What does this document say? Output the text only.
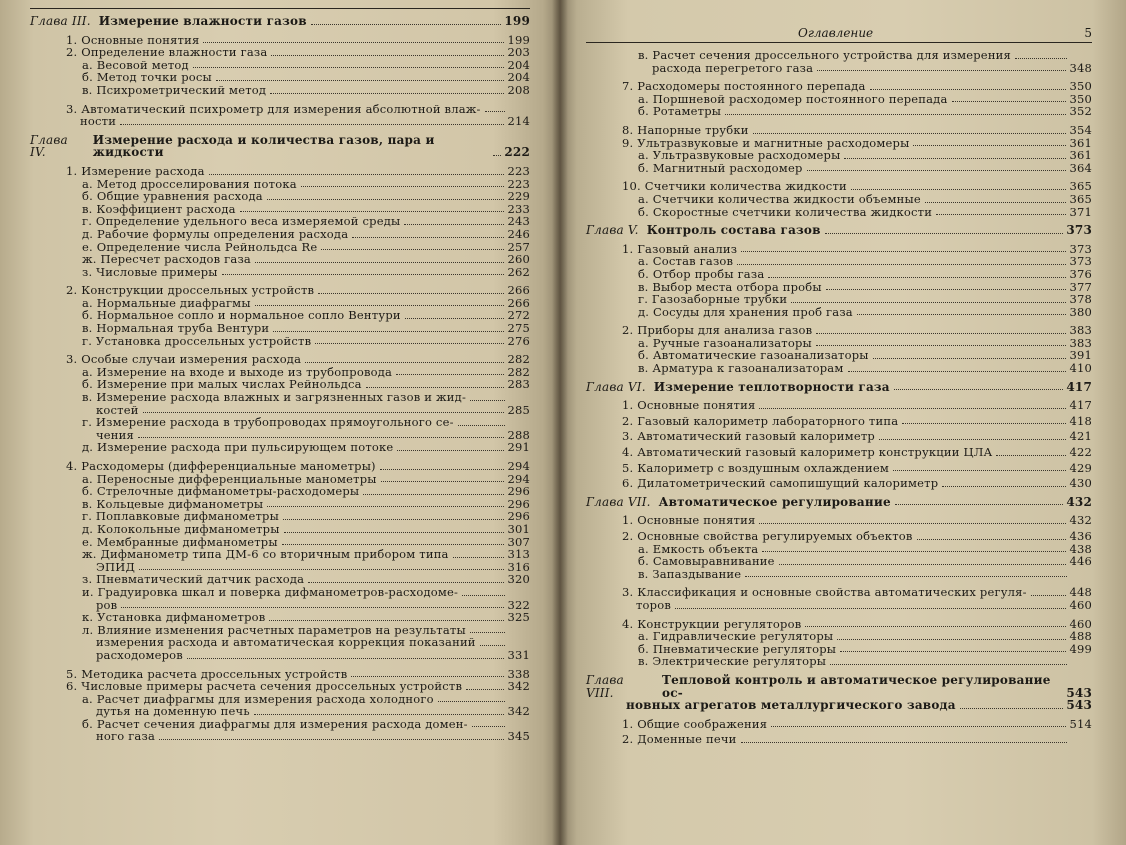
Глава III. Измерение влажности газов	199
1. Основные понятия	199
2. Определение влажности газа	203
а. Весовой метод	204
б. Метод точки росы	204
в. Психрометрический метод	208
3. Автоматический психрометр для измерения абсолютной влаж-
ности	214
Глава IV.
Измерение расхода и количества газов, пара и жидкости	222
1. Измерение расхода	223
а. Метод дросселирования потока	223
б. Общие уравнения расхода	229
в. Коэффициент расхода	233
г. Определение удельного веса измеряемой среды	243
д. Рабочие формулы определения расхода	246
е. Определение числа Рейнольдса Re	257
ж. Пересчет расходов газа	260
з. Числовые примеры	262
2. Конструкции дроссельных устройств	266
а. Нормальные диафрагмы	266
б. Нормальное сопло и нормальное сопло Вентури	272
в. Нормальная труба Вентури	275
г. Установка дроссельных устройств	276
3. Особые случаи измерения расхода	282
а. Измерение на входе и выходе из трубопровода	282
б. Измерение при малых числах Рейнольдса	283
в. Измерение расхода влажных и загрязненных газов и жид-
костей	285
г. Измерение расхода в трубопроводах прямоугольного се-
чения	288
д. Измерение расхода при пульсирующем потоке	291
4. Расходомеры (дифференциальные манометры)	294
а. Переносные дифференциальные манометры	294
б. Стрелочные дифманометры-расходомеры	296
в. Кольцевые дифманометры	296
г. Поплавковые дифманометры	296
д. Колокольные дифманометры	301
е. Мембранные дифманометры	307
ж. Дифманометр типа ДМ-6 со вторичным прибором типа	313
ЭПИД	316
з. Пневматический датчик расхода	320
и. Градуировка шкал и поверка дифманометров-расходоме-
ров	322
к. Установка дифманометров	325
л. Влияние изменения расчетных параметров на результаты
измерения расхода и автоматическая коррекция показаний
расходомеров	331
5. Методика расчета дроссельных устройств	338
6. Числовые примеры расчета сечения дроссельных устройств	342
а. Расчет диафрагмы для измерения расхода холодного
дутья на доменную печь	342
б. Расчет сечения диафрагмы для измерения расхода домен-
ного газа	345
Оглавление	5
в. Расчет сечения дроссельного устройства для измерения
расхода перегретого газа	348
7. Расходомеры постоянного перепада	350
а. Поршневой расходомер постоянного перепада	350
б. Ротаметры	352
8. Напорные трубки	354
9. Ультразвуковые и магнитные расходомеры	361
а. Ультразвуковые расходомеры	361
б. Магнитный расходомер	364
10. Счетчики количества жидкости	365
а. Счетчики количества жидкости объемные	365
б. Скоростные счетчики количества жидкости	371
Глава V. Контроль состава газов	373
1. Газовый анализ	373
а. Состав газов	373
б. Отбор пробы газа	376
в. Выбор места отбора пробы	377
г. Газозаборные трубки	378
д. Сосуды для хранения проб газа	380
2. Приборы для анализа газов	383
а. Ручные газоанализаторы	383
б. Автоматические газоанализаторы	391
в. Арматура к газоанализаторам	410
Глава VI. Измерение теплотворности газа	417
1. Основные понятия	417
2. Газовый калориметр лабораторного типа	418
3. Автоматический газовый калориметр	421
4. Автоматический газовый калориметр конструкции ЦЛА	422
5. Калориметр с воздушным охлаждением	429
6. Дилатометрический самопишущий калориметр	430
Глава VII. Автоматическое регулирование	432
1. Основные понятия	432
2. Основные свойства регулируемых объектов	436
а. Емкость объекта	438
б. Самовыравнивание	446
в. Запаздывание
3. Классификация и основные свойства автоматических регуля-	448
торов	460
4. Конструкции регуляторов	460
а. Гидравлические регуляторы	488
б. Пневматические регуляторы	499
в. Электрические регуляторы
Глава VIII.
Тепловой контроль и автоматическое регулирование ос-	543
новных агрегатов металлургического завода	543
1. Общие соображения	514
2. Доменные печи
